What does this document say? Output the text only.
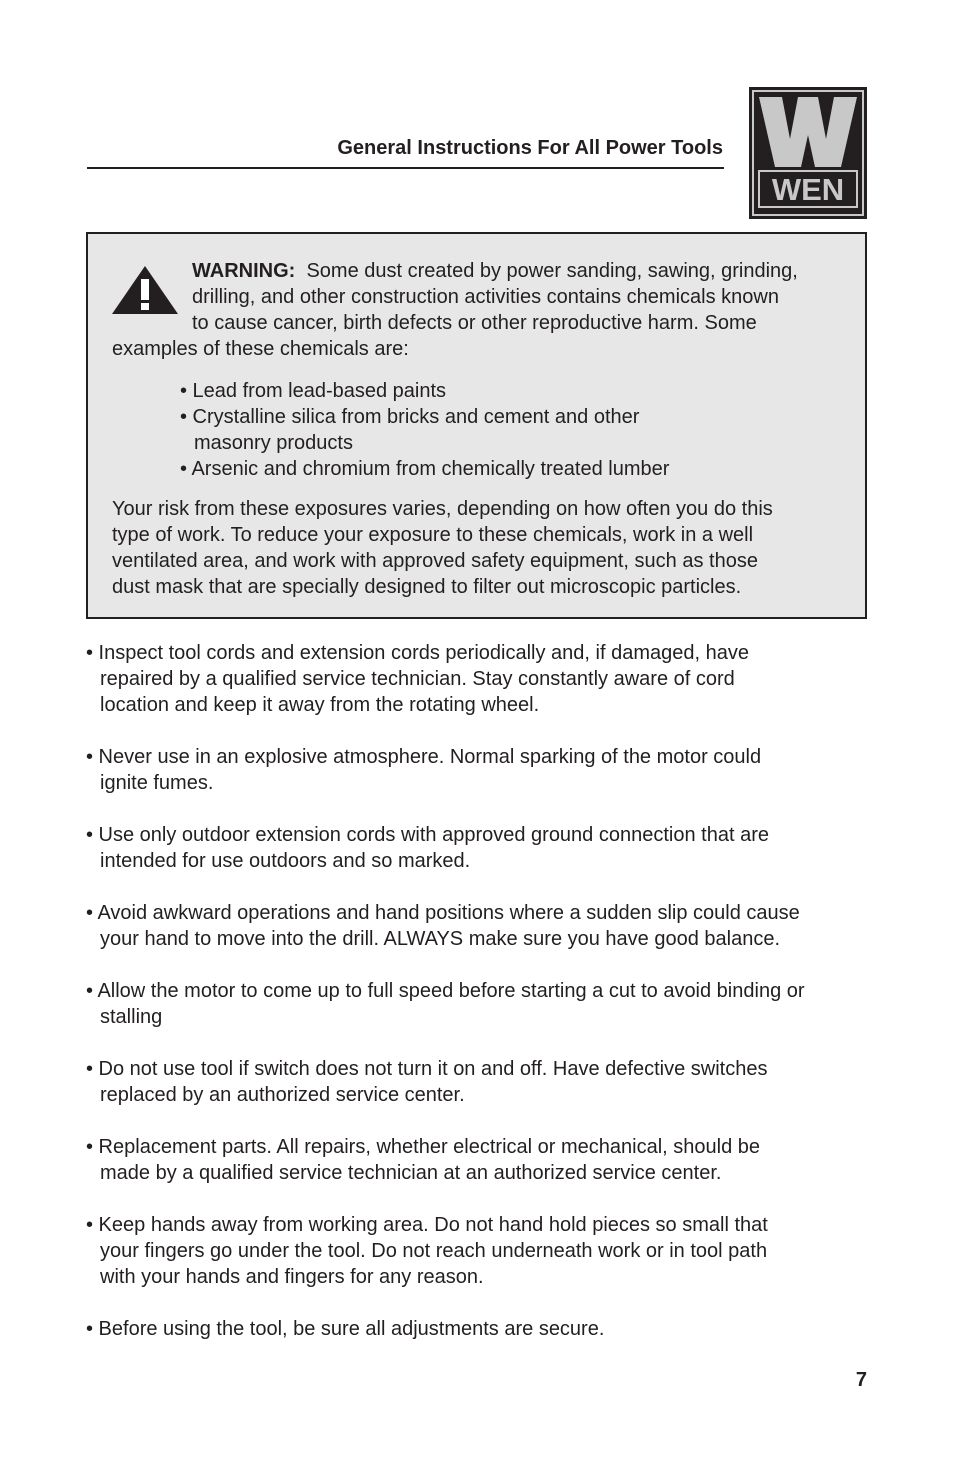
General Instructions For All Power Tools
WEN
WARNING: Some dust created by power sanding, sawing, grinding,
drilling, and other construction activities contains chemicals known
to cause cancer, birth defects or other reproductive harm. Some
examples of these chemicals are:
• Lead from lead-based paints
• Crystalline silica from bricks and cement and other
masonry products
• Arsenic and chromium from chemically treated lumber
Your risk from these exposures varies, depending on how often you do this
type of work. To reduce your exposure to these chemicals, work in a well
ventilated area, and work with approved safety equipment, such as those
dust mask that are specially designed to filter out microscopic particles.
• Inspect tool cords and extension cords periodically and, if damaged, have
repaired by a qualified service technician. Stay constantly aware of cord
location and keep it away from the rotating wheel.
• Never use in an explosive atmosphere. Normal sparking of the motor could
ignite fumes.
• Use only outdoor extension cords with approved ground connection that are
intended for use outdoors and so marked.
• Avoid awkward operations and hand positions where a sudden slip could cause
your hand to move into the drill. ALWAYS make sure you have good balance.
• Allow the motor to come up to full speed before starting a cut to avoid binding or
stalling
• Do not use tool if switch does not turn it on and off. Have defective switches
replaced by an authorized service center.
• Replacement parts. All repairs, whether electrical or mechanical, should be
made by a qualified service technician at an authorized service center.
• Keep hands away from working area. Do not hand hold pieces so small that
your fingers go under the tool. Do not reach underneath work or in tool path
with your hands and fingers for any reason.
• Before using the tool, be sure all adjustments are secure.
7
